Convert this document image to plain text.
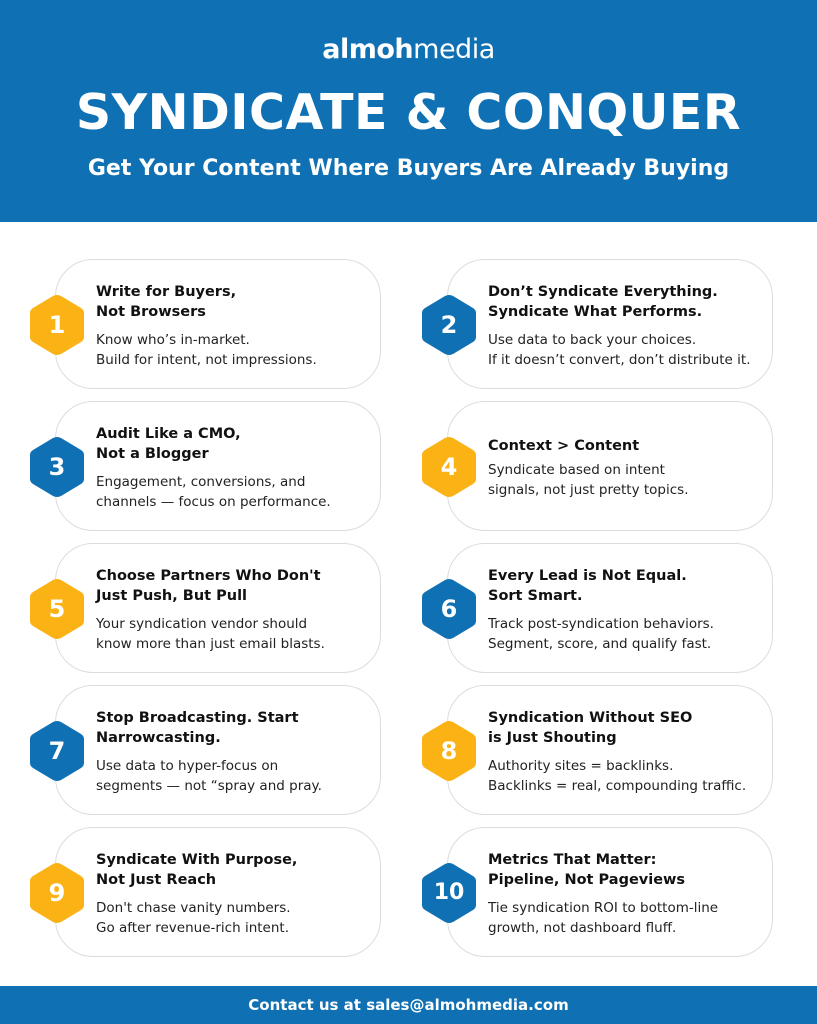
almohmedia
SYNDICATE & CONQUER
Get Your Content Where Buyers Are Already Buying
1
Write for Buyers,
Not Browsers
Know who’s in-market.
Build for intent, not impressions.
2
Don’t Syndicate Everything.
Syndicate What Performs.
Use data to back your choices.
If it doesn’t convert, don’t distribute it.
3
Audit Like a CMO,
Not a Blogger
Engagement, conversions, and
channels — focus on performance.
4
Context > Content
Syndicate based on intent
signals, not just pretty topics.
5
Choose Partners Who Don't
Just Push, But Pull
Your syndication vendor should
know more than just email blasts.
6
Every Lead is Not Equal.
Sort Smart.
Track post-syndication behaviors.
Segment, score, and qualify fast.
7
Stop Broadcasting. Start
Narrowcasting.
Use data to hyper-focus on
segments — not “spray and pray.
8
Syndication Without SEO
is Just Shouting
Authority sites = backlinks.
Backlinks = real, compounding traffic.
9
Syndicate With Purpose,
Not Just Reach
Don't chase vanity numbers.
Go after revenue-rich intent.
10
Metrics That Matter:
Pipeline, Not Pageviews
Tie syndication ROI to bottom-line
growth, not dashboard fluff.
Contact us at sales@almohmedia.com
